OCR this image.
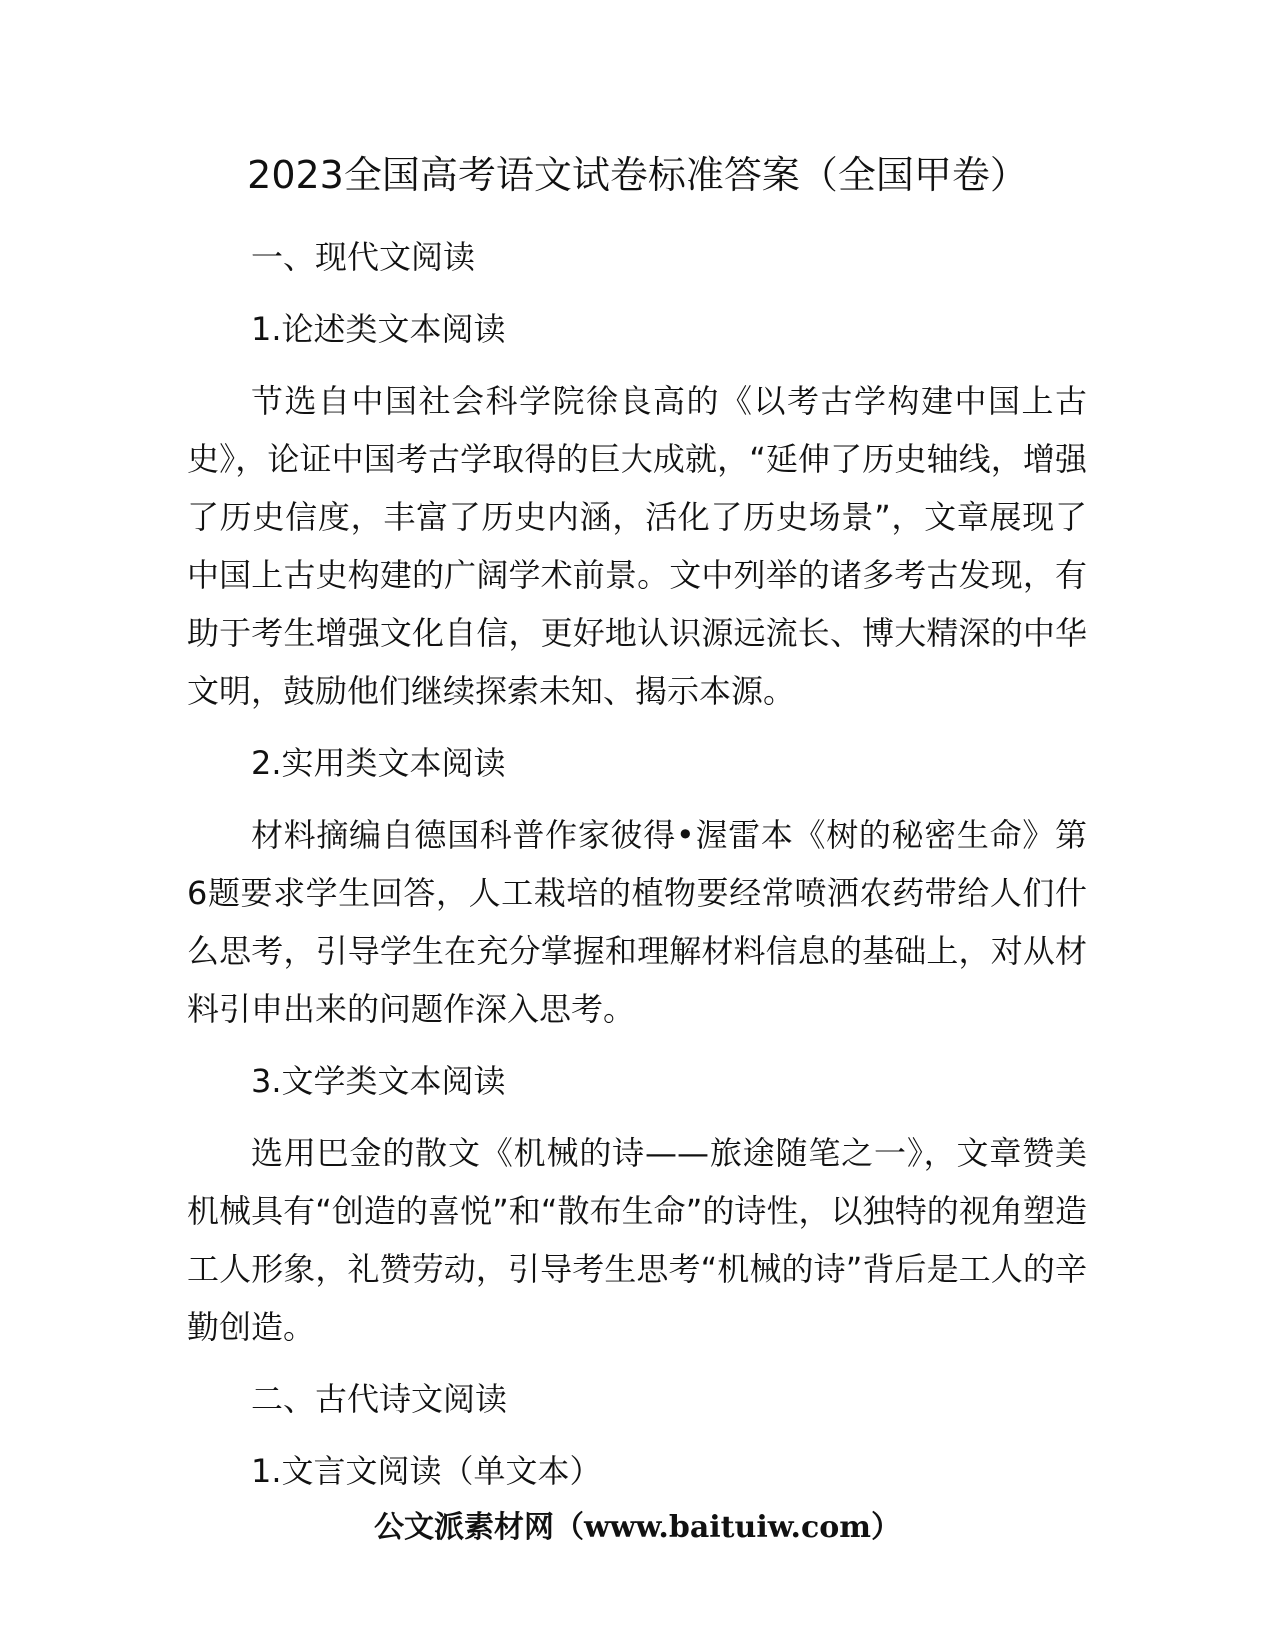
2023全国高考语文试卷标准答案（全国甲卷）

一、现代文阅读

1.论述类文本阅读

节选自中国社会科学院徐良高的《以考古学构建中国上古史》，论证中国考古学取得的巨大成就，“延伸了历史轴线，增强了历史信度，丰富了历史内涵，活化了历史场景”，文章展现了中国上古史构建的广阔学术前景。文中列举的诸多考古发现，有助于考生增强文化自信，更好地认识源远流长、博大精深的中华文明，鼓励他们继续探索未知、揭示本源。

2.实用类文本阅读

材料摘编自德国科普作家彼得•渥雷本《树的秘密生命》第6题要求学生回答，人工栽培的植物要经常喷洒农药带给人们什么思考，引导学生在充分掌握和理解材料信息的基础上，对从材料引申出来的问题作深入思考。

3.文学类文本阅读

选用巴金的散文《机械的诗——旅途随笔之一》，文章赞美机械具有“创造的喜悦”和“散布生命”的诗性，以独特的视角塑造工人形象，礼赞劳动，引导考生思考“机械的诗”背后是工人的辛勤创造。

二、古代诗文阅读

1.文言文阅读（单文本）

公文派素材网（www.baituiw.com）
